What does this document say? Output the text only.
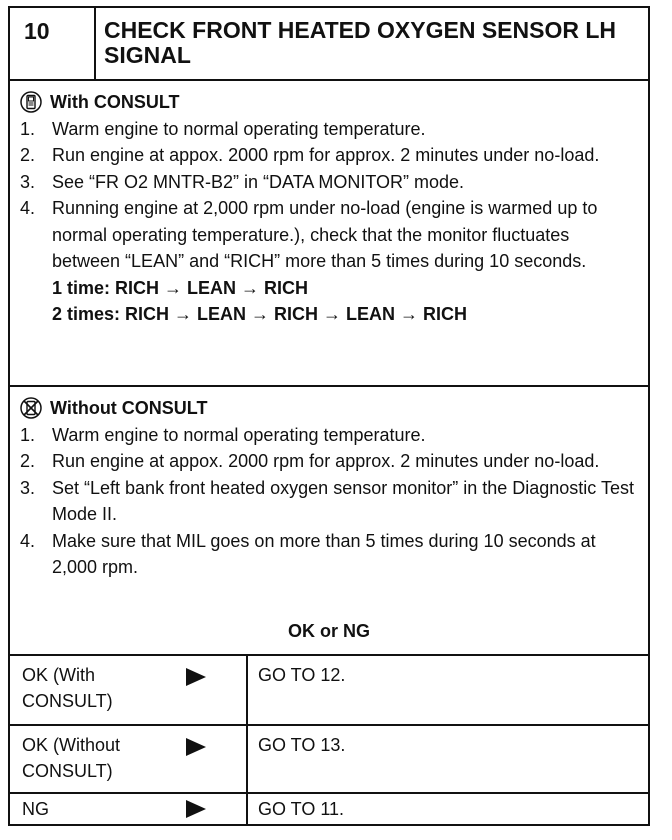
10	CHECK FRONT HEATED OXYGEN SENSOR LH SIGNAL
With CONSULT
1. Warm engine to normal operating temperature.
2. Run engine at appox. 2000 rpm for approx. 2 minutes under no-load.
3. See “FR O2 MNTR-B2” in “DATA MONITOR” mode.
4. Running engine at 2,000 rpm under no-load (engine is warmed up to normal operating temperature.), check that the monitor fluctuates between “LEAN” and “RICH” more than 5 times during 10 seconds.
1 time: RICH → LEAN → RICH
2 times: RICH → LEAN → RICH → LEAN → RICH
Without CONSULT
1. Warm engine to normal operating temperature.
2. Run engine at appox. 2000 rpm for approx. 2 minutes under no-load.
3. Set “Left bank front heated oxygen sensor monitor” in the Diagnostic Test Mode II.
4. Make sure that MIL goes on more than 5 times during 10 seconds at 2,000 rpm.
OK or NG
OK (With CONSULT)
GO TO 12.
OK (Without CONSULT)
GO TO 13.
NG	GO TO 11.
